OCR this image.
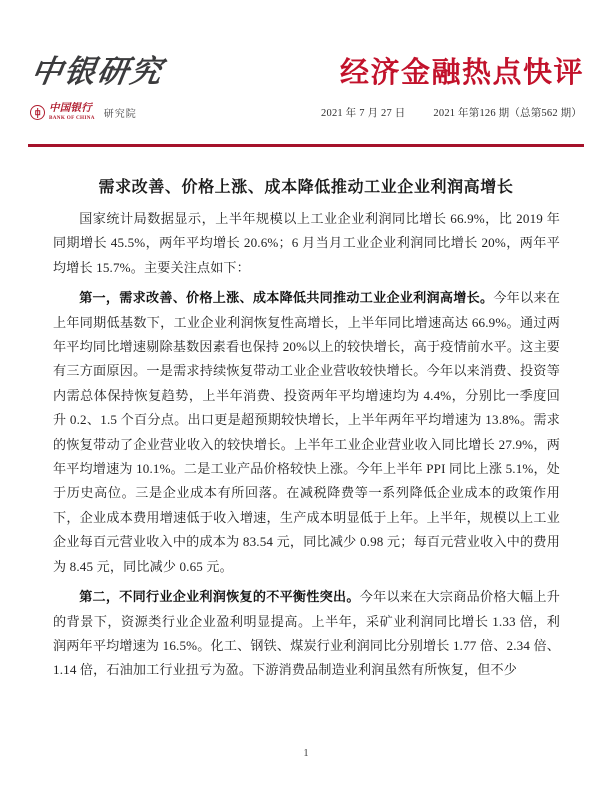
中银研究
中国银行
BANK OF CHINA 研究院
经济金融热点快评
2021 年 7 月 27 日	2021 年第126 期（总第562 期）
需求改善、价格上涨、成本降低推动工业企业利润高增长

国家统计局数据显示，上半年规模以上工业企业利润同比增长 66.9%，比 2019 年同期增长 45.5%，两年平均增长 20.6%；6 月当月工业企业利润同比增长 20%，两年平均增长 15.7%。主要关注点如下：

第一，需求改善、价格上涨、成本降低共同推动工业企业利润高增长。今年以来在上年同期低基数下，工业企业利润恢复性高增长，上半年同比增速高达 66.9%。通过两年平均同比增速剔除基数因素看也保持 20%以上的较快增长，高于疫情前水平。这主要有三方面原因。一是需求持续恢复带动工业企业营收较快增长。今年以来消费、投资等内需总体保持恢复趋势，上半年消费、投资两年平均增速均为 4.4%，分别比一季度回升 0.2、1.5 个百分点。出口更是超预期较快增长，上半年两年平均增速为 13.8%。需求的恢复带动了企业营业收入的较快增长。上半年工业企业营业收入同比增长 27.9%，两年平均增速为 10.1%。二是工业产品价格较快上涨。今年上半年 PPI 同比上涨 5.1%，处于历史高位。三是企业成本有所回落。在减税降费等一系列降低企业成本的政策作用下，企业成本费用增速低于收入增速，生产成本明显低于上年。上半年，规模以上工业企业每百元营业收入中的成本为 83.54 元，同比减少 0.98 元；每百元营业收入中的费用为 8.45 元，同比减少 0.65 元。

第二，不同行业企业利润恢复的不平衡性突出。今年以来在大宗商品价格大幅上升的背景下，资源类行业企业盈利明显提高。上半年，采矿业利润同比增长 1.33 倍，利润两年平均增速为 16.5%。化工、钢铁、煤炭行业利润同比分别增长 1.77 倍、2.34 倍、1.14 倍，石油加工行业扭亏为盈。下游消费品制造业利润虽然有所恢复，但不少

1
